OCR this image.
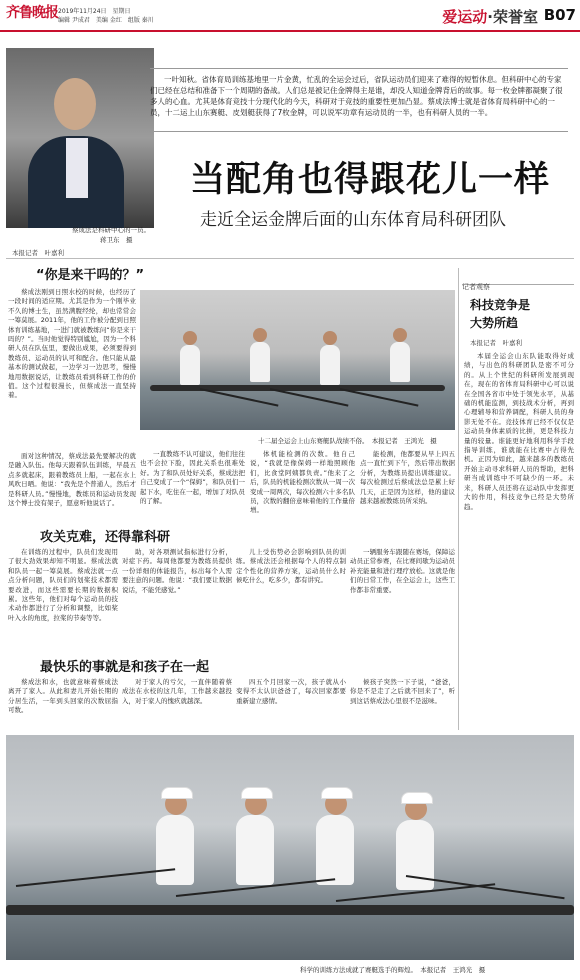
齐鲁晚报 2019年11月24日　星期日
编辑 尹成君　美编 金红　组版 秦川	爱运动·荣誉室 B07
蔡成法是科研中心的一员。
蒋卫东　摄
一叶知秋。省体育局训练基地里一片金黄，忙乱的全运会过后，省队运动员们迎来了难得的短暂休息。但科研中心的专家们已经在总结和准备下一个周期的备战。人们总是被记住金牌得主是谁，却没人知道金牌背后的故事。每一枚金牌都凝聚了很多人的心血。尤其是体育竞技十分现代化的今天，科研对于竞技的重要性更加凸显。蔡成法博士就是省体育局科研中心的一员，十二运上山东赛艇、皮划艇获得了7枚金牌，可以说军功章有运动员的一半，也有科研人员的一半。
当配角也得跟花儿一样
走近全运金牌后面的山东体育局科研团队
本报记者　叶嘉利
“你是来干吗的？”
蔡成法刚到日照水校的时候，也经历了一段时间的适应期。尤其是作为一个刚毕业不久的博士生，虽然满腹经纶，却也常常会一筹莫展。2011年，他的工作被分配到日照体育训练基地，一进门就被教练问“你是来干吗的？”。当时他觉得特别尴尬，因为一个科研人员在队伍里，要做出成果，必须要得到教练员、运动员的认可和配合。他只能从最基本的测试做起，一边学习一边思考，慢慢地用数据说话，让教练员看到科研工作的价值。这个过程很漫长，但蔡成法一直坚持着。
面对这种情况，蔡成法最先要解决的就是融入队伍。他每天跟着队伍训练，早晨五点多就起床，跟着教练员上船，一起在水上风吹日晒。他说：“我先是个普通人，然后才是科研人员。”慢慢地，教练员和运动员发现这个博士没有架子，愿意听他说话了。
一直教练不认可建议，他们往往也不会拉下脸，因此关系也很难处好。为了和队员处好关系，蔡成法把自己变成了一个“保姆”，和队员们一起下水，吃住在一起，增加了对队员的了解。
体机能检测的次数。他自己说，“我就是像保姆一样地照顾他们，比食堂阿姨都负责。”他来了之后，队员的机能检测次数从一周一次变成一周两次，每次检测六十多名队员，次数的翻倍意味着他的工作量倍增。
能检测，他都要从早上四五点一直忙到下午，然后带出数据分析，为教练员提出训练建议。每次检测过后蔡成法总是累上好几天，正是因为这样，他的建议越来越被教练员所采纳。
十二届全运会上山东赛艇队战绩不俗。　本报记者　王鸿光　摄
攻关克难，还得靠科研
在训练的过程中，队员们发现用了很大劲效果却知不明显。蔡成法就和队员一起一筹莫展。蔡成法就一点点分析问题，队员们的划桨技术都需要改进，而这些需要长期的数据积累。这些年，他们对每个运动员的技术动作都进行了分析和调整，比如桨叶入水的角度，拉桨的节奏等等。
助，对各项测试指标进行分析，对症下药。每周他都要为教练员提供一份详细的体能报告，标出每个人需要注意的问题。他说：“我们要让数据说话，不能凭感觉。”
儿上受伤势必会影响到队员的训练。蔡成法还会根据每个人的特点制定个性化的营养方案，运动员什么时候吃什么，吃多少，都有讲究。
一辆服务车跟随在赛场，保障运动员正常参赛，在比赛间歇为运动员补充能量和进行理疗放松。这就是他们的日常工作，在全运会上，这些工作都非常重要。
最快乐的事就是和孩子在一起
蔡成法和水，也就意味着蔡成法离开了家人。从此和妻儿开始长期的分居生活，一年到头回家的次数屈指可数。
对于家人的亏欠，一直伴随着蔡成法在水校的这几年，工作越来越投入，对于家人的愧疚就越深。
四五个月回家一次，孩子就从小变得不太认识爸爸了，每次回家都要重新建立感情。
候孩子突然一下子说，“爸爸，你是不是走了之后就不回来了”，听到这话蔡成法心里很不是滋味。
记者观察
科技竞争是
大势所趋
本报记者　叶嘉利
本届全运会山东队能取得好成绩，与出色的科研团队是密不可分的。从上个世纪的科研所发展到现在，现在的省体育局科研中心可以说在全国各省市中处于领先水平，从基础的机能监测，到技战术分析，再到心理辅导和营养调配，科研人员的身影无处不在。竞技体育已经不仅仅是运动员身体素质的比拼，更是科技力量的较量。谁能更好地利用科学手段指导训练，谁就能在比赛中占得先机。正因为如此，越来越多的教练员开始主动寻求科研人员的帮助，把科研当成训练中不可缺少的一环。未来，科研人员还将在运动队中发挥更大的作用，科技竞争已经是大势所趋。
科学的训练方法成就了赛艇选手的辉煌。　本报记者　王鸿光　摄
